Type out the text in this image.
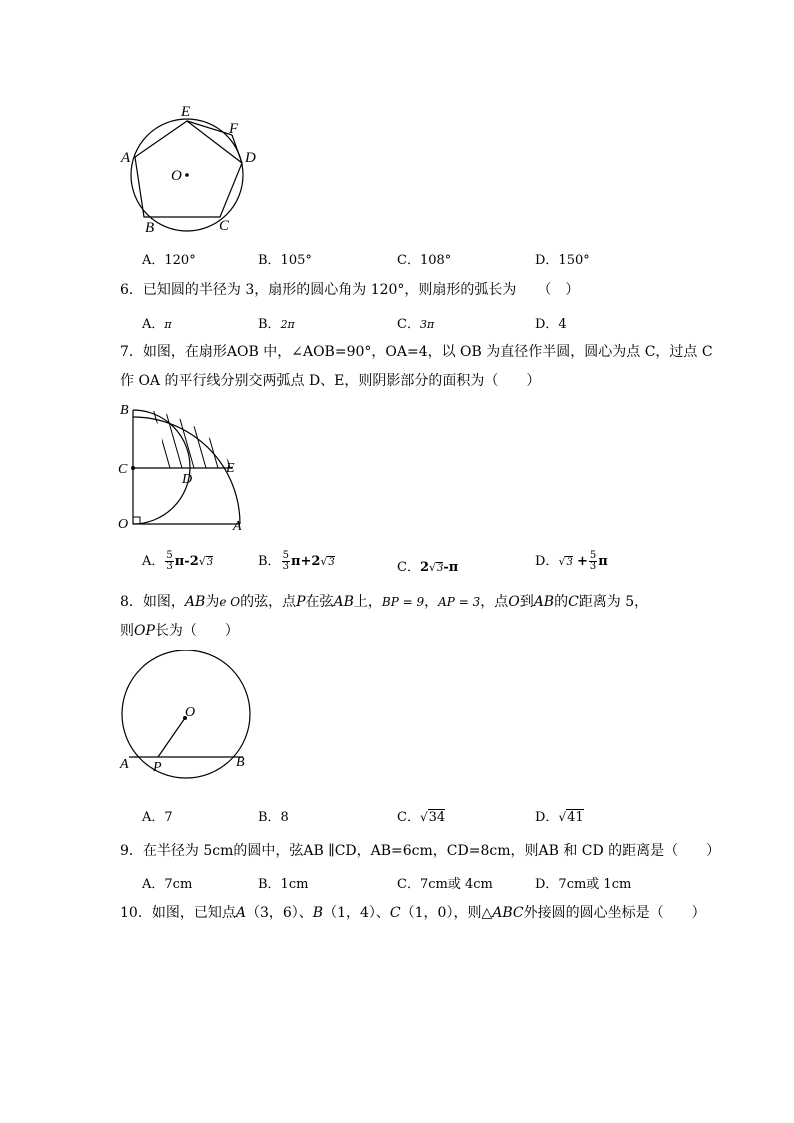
E
F
A	D
O
B	C
A．120°	B．105°	C．108°	D．150°
6．已知圆的半径为 3，扇形的圆心角为 120°，则扇形的弧长为　　（　）
A．π	B．2π	C．3π	D．4
7．如图，在扇形AOB 中，∠AOB=90°，OA=4，以 OB 为直径作半圆，圆心为点 C，过点 C
作 OA 的平行线分别交两弧点 D、E，则阴影部分的面积为（　　）
B
C
D
E
O	A
A． $\frac{5}{3} \pi-2√3$	B． $\frac{5}{3} \pi+2√3$	C．2√3-π	D．$√3 + \frac{5}{3}$ π
8．如图，AB为e O的弦，点P在弦AB上，BP = 9，AP = 3，点O到AB的C距离为 5，
则OP长为（　　）
O
A P	B
A．7	B．8	C．√34	D．√41
9．在半径为 5cm的圆中，弦AB ∥CD，AB=6cm，CD=8cm，则AB 和 CD 的距离是（　　）
A．7cm	B．1cm	C．7cm或 4cm	D．7cm或 1cm
10．如图，已知点A（3，6）、B（1，4）、C（1，0），则△ABC外接圆的圆心坐标是（　　）
